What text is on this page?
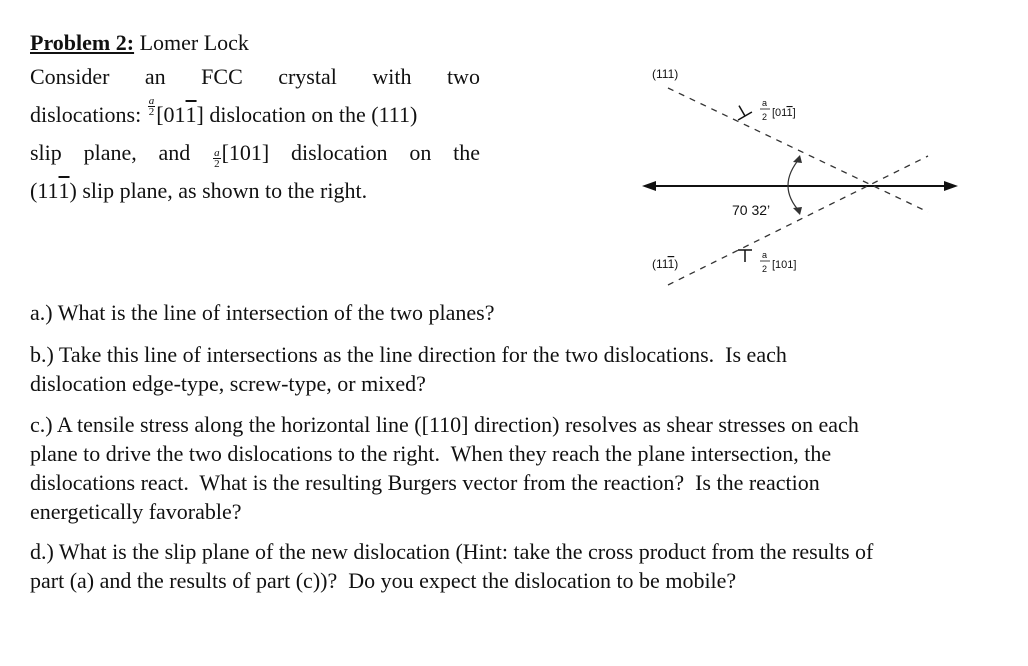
Problem 2: Lomer Lock
Consider an FCC crystal with two
dislocations: $\frac{a}{2} [01$ 1 ] dislocation on the (111)
slip plane, and $\frac{a}{2} [101]$ dislocation on the
(11 1 ) slip plane, as shown to the right.
(111)
(111)
70 32’
a
2 [011]
a
2 [101]
a.) What is the line of intersection of the two planes?
b.) Take this line of intersections as the line direction for the two dislocations.  Is each
dislocation edge-type, screw-type, or mixed?
c.) A tensile stress along the horizontal line ([110] direction) resolves as shear stresses on each
plane to drive the two dislocations to the right.  When they reach the plane intersection, the
dislocations react.  What is the resulting Burgers vector from the reaction?  Is the reaction
energetically favorable?
d.) What is the slip plane of the new dislocation (Hint: take the cross product from the results of
part (a) and the results of part (c))?  Do you expect the dislocation to be mobile?
